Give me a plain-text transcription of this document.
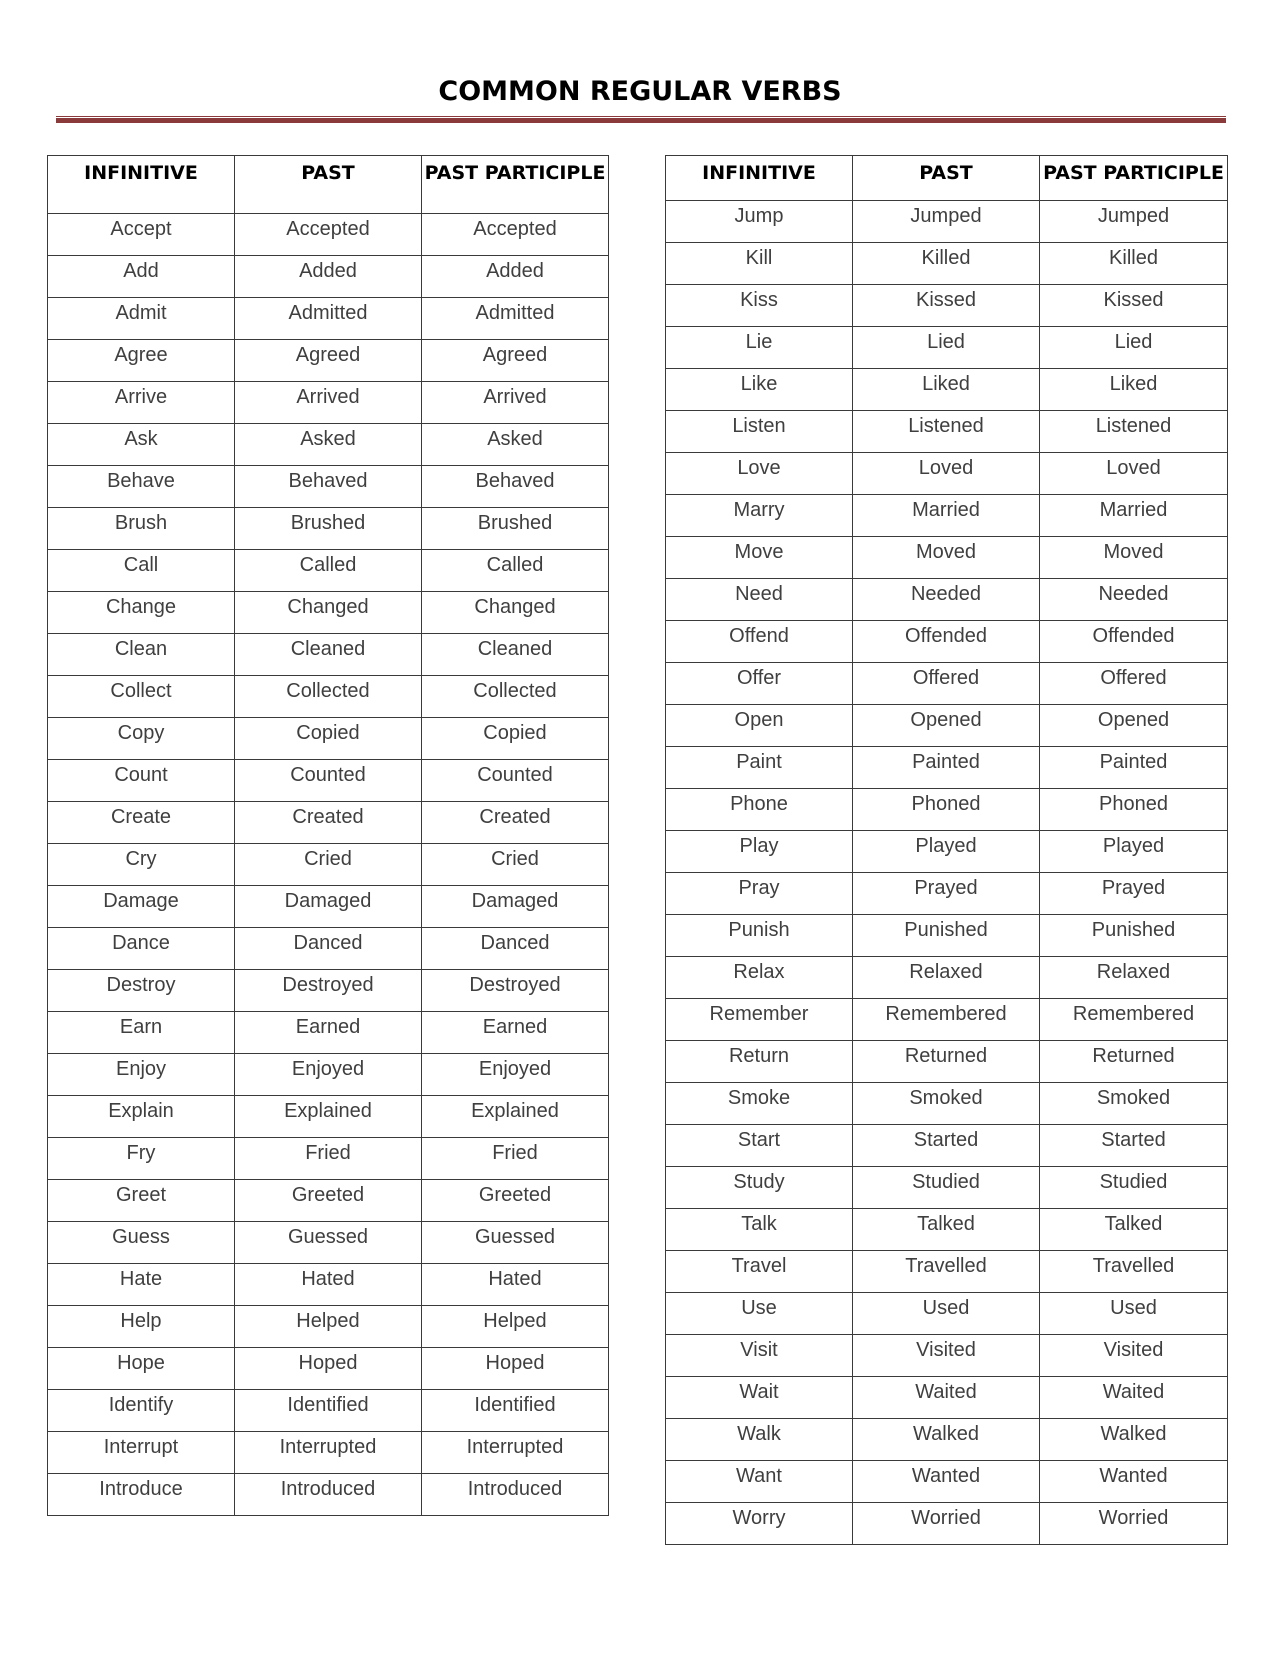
COMMON REGULAR VERBS
INFINITIVE	PAST	PAST PARTICIPLE
Accept	Accepted	Accepted
Add	Added	Added
Admit	Admitted	Admitted
Agree	Agreed	Agreed
Arrive	Arrived	Arrived
Ask	Asked	Asked
Behave	Behaved	Behaved
Brush	Brushed	Brushed
Call	Called	Called
Change	Changed	Changed
Clean	Cleaned	Cleaned
Collect	Collected	Collected
Copy	Copied	Copied
Count	Counted	Counted
Create	Created	Created
Cry	Cried	Cried
Damage	Damaged	Damaged
Dance	Danced	Danced
Destroy	Destroyed	Destroyed
Earn	Earned	Earned
Enjoy	Enjoyed	Enjoyed
Explain	Explained	Explained
Fry	Fried	Fried
Greet	Greeted	Greeted
Guess	Guessed	Guessed
Hate	Hated	Hated
Help	Helped	Helped
Hope	Hoped	Hoped
Identify	Identified	Identified
Interrupt	Interrupted	Interrupted
Introduce	Introduced	Introduced
INFINITIVE	PAST	PAST PARTICIPLE
Jump	Jumped	Jumped
Kill	Killed	Killed
Kiss	Kissed	Kissed
Lie	Lied	Lied
Like	Liked	Liked
Listen	Listened	Listened
Love	Loved	Loved
Marry	Married	Married
Move	Moved	Moved
Need	Needed	Needed
Offend	Offended	Offended
Offer	Offered	Offered
Open	Opened	Opened
Paint	Painted	Painted
Phone	Phoned	Phoned
Play	Played	Played
Pray	Prayed	Prayed
Punish	Punished	Punished
Relax	Relaxed	Relaxed
Remember	Remembered	Remembered
Return	Returned	Returned
Smoke	Smoked	Smoked
Start	Started	Started
Study	Studied	Studied
Talk	Talked	Talked
Travel	Travelled	Travelled
Use	Used	Used
Visit	Visited	Visited
Wait	Waited	Waited
Walk	Walked	Walked
Want	Wanted	Wanted
Worry	Worried	Worried
